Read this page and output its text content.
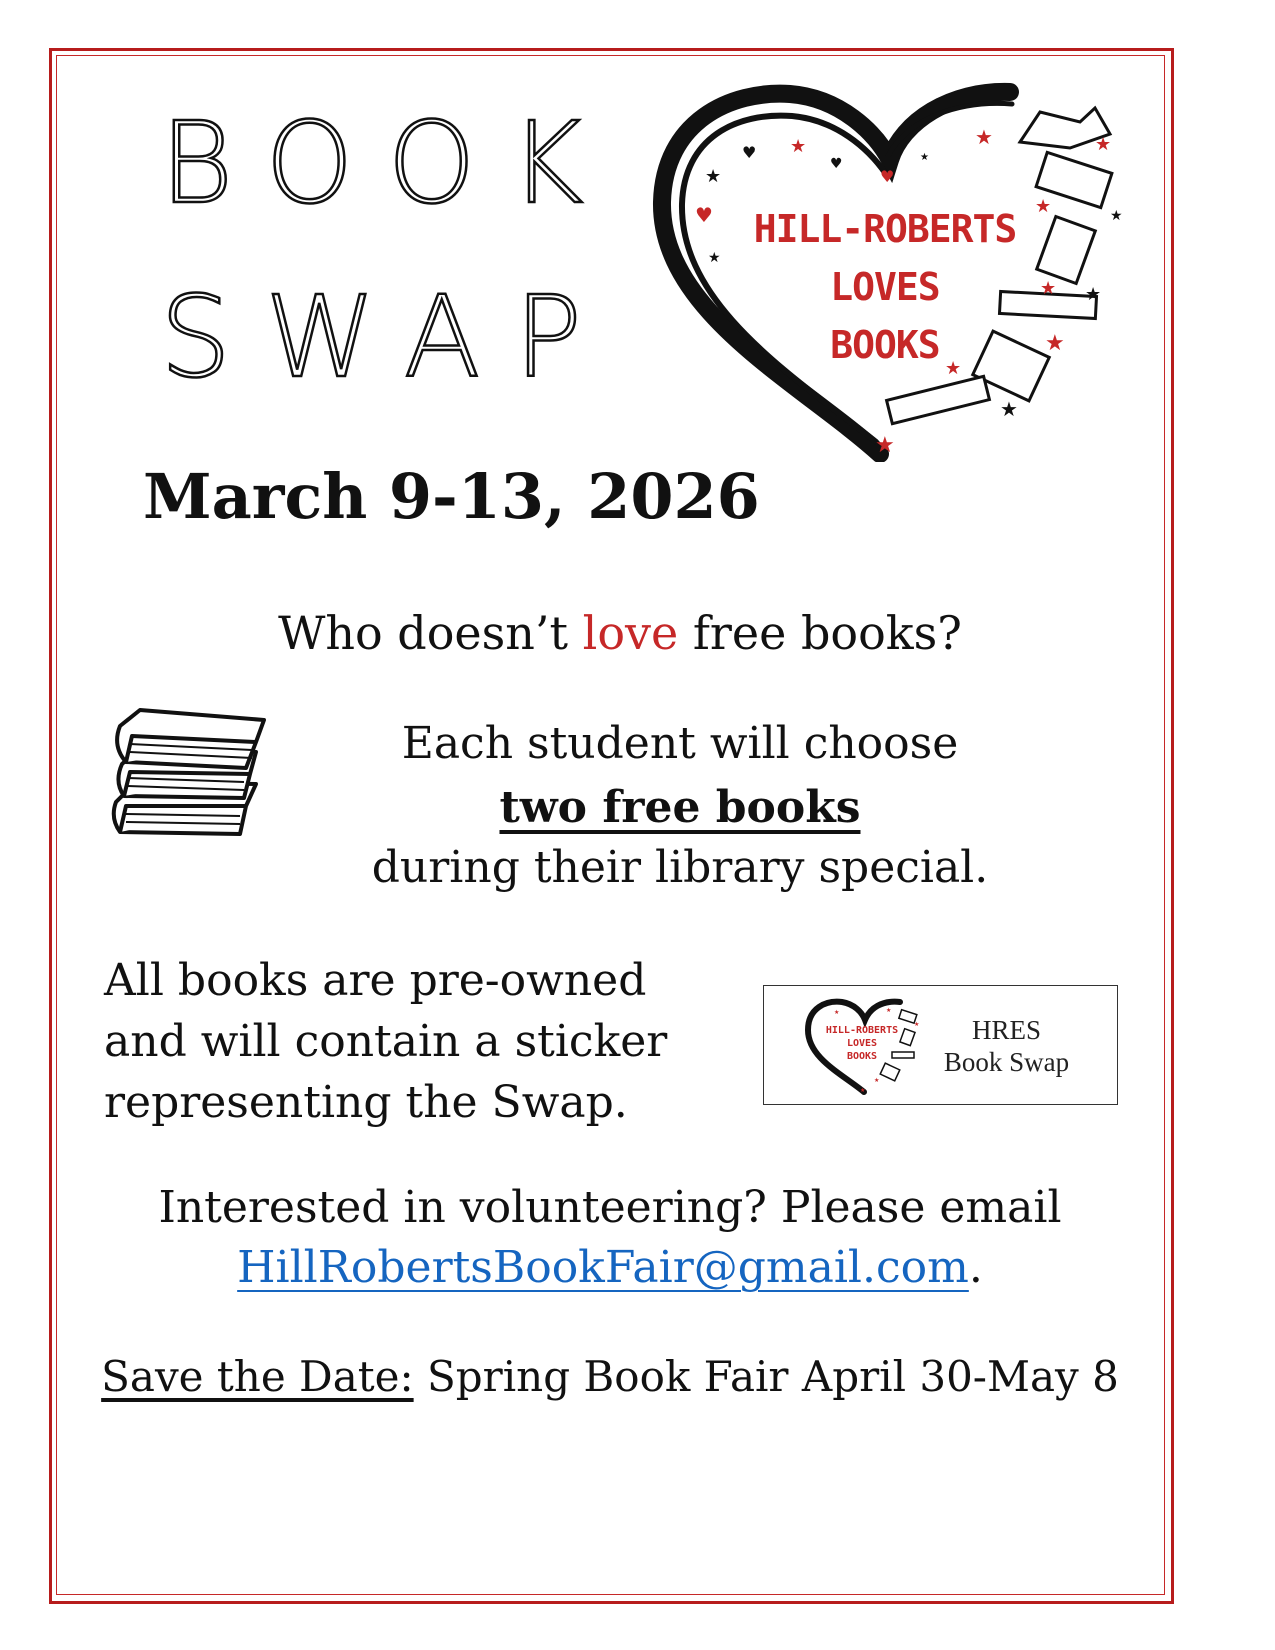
BOOK
SWAP
★	★	★
★
★
★
★
★
♥
♥
♥
★
♥
★
★
★
★
★
HILL-ROBERTS
LOVES
BOOKS
March 9-13, 2026
Who doesn’t love free books?
Each student will choose
two free books
during their library special.
All books are pre-owned
and will contain a sticker
representing the Swap.
★	★
★
★
★
HILL-ROBERTS
LOVES
BOOKS
HRES
Book Swap
Interested in volunteering? Please email
HillRobertsBookFair@gmail.com.
Save the Date: Spring Book Fair April 30-May 8
